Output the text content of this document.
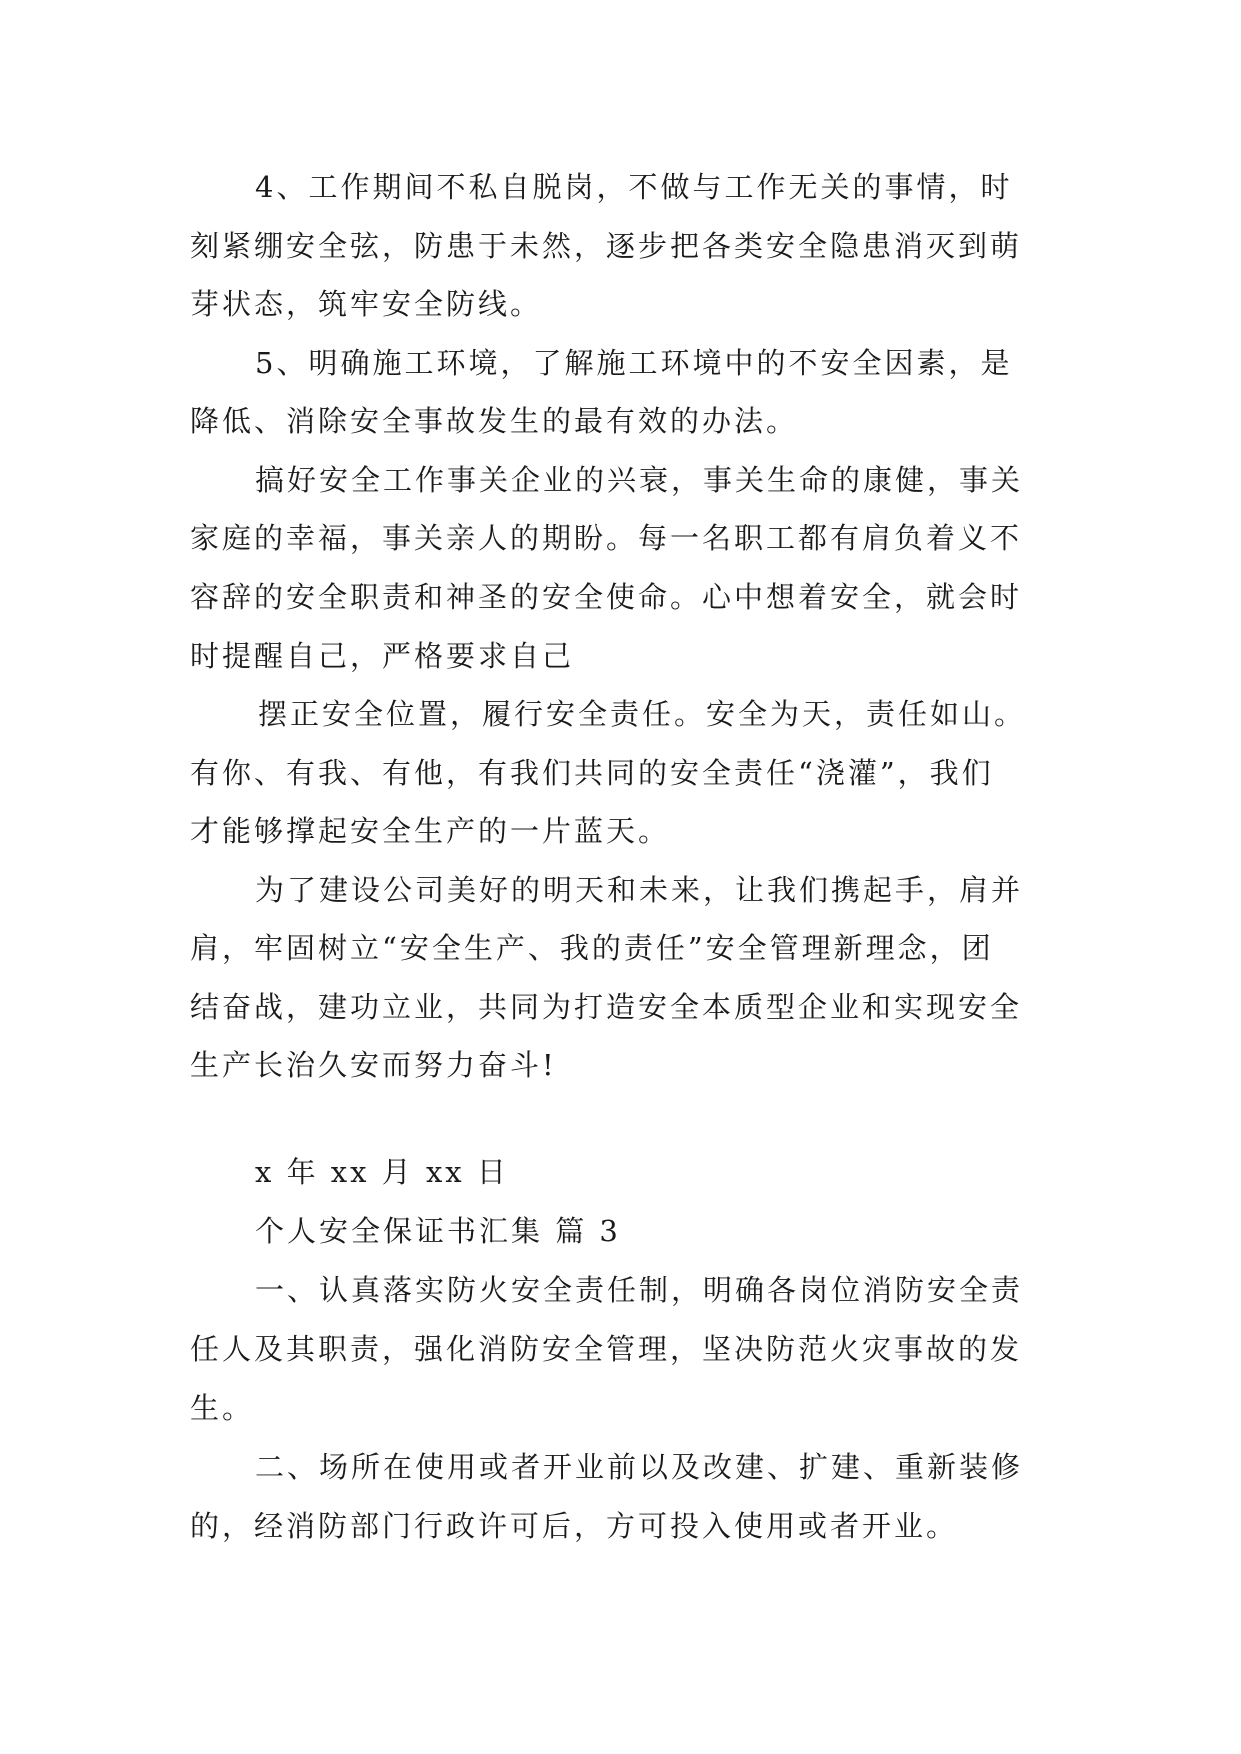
4、工作期间不私自脱岗，不做与工作无关的事情，时
刻紧绷安全弦，防患于未然，逐步把各类安全隐患消灭到萌
芽状态，筑牢安全防线。
5、明确施工环境，了解施工环境中的不安全因素，是
降低、消除安全事故发生的最有效的办法。
搞好安全工作事关企业的兴衰，事关生命的康健，事关
家庭的幸福，事关亲人的期盼。每一名职工都有肩负着义不
容辞的安全职责和神圣的安全使命。心中想着安全，就会时
时提醒自己，严格要求自己
摆正安全位置，履行安全责任。安全为天，责任如山。
有你、有我、有他，有我们共同的安全责任“浇灌”，我们
才能够撑起安全生产的一片蓝天。
为了建设公司美好的明天和未来，让我们携起手，肩并
肩，牢固树立“安全生产、我的责任”安全管理新理念，团
结奋战，建功立业，共同为打造安全本质型企业和实现安全
生产长治久安而努力奋斗!
x 年 xx 月 xx 日
个人安全保证书汇集 篇 3
一、认真落实防火安全责任制，明确各岗位消防安全责
任人及其职责，强化消防安全管理，坚决防范火灾事故的发
生。
二、场所在使用或者开业前以及改建、扩建、重新装修
的，经消防部门行政许可后，方可投入使用或者开业。
